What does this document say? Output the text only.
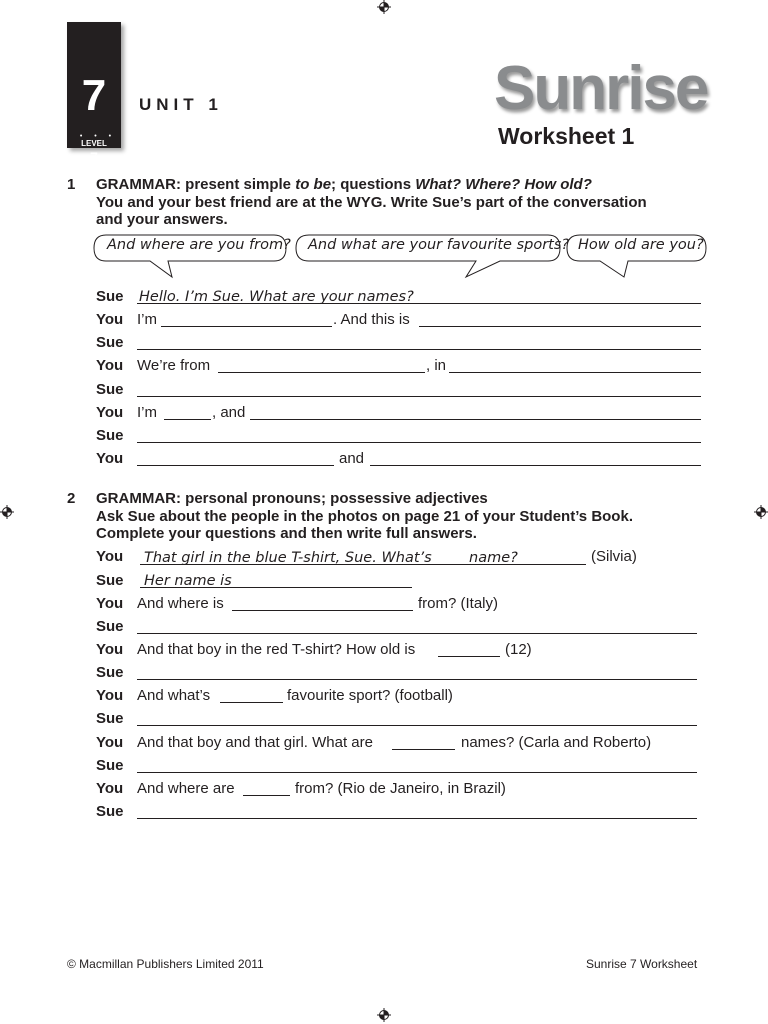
7
• • •
LEVEL
7
UNIT 1	Sunrise
Worksheet 1
1 GRAMMAR: present simple to be; questions What? Where? How old?
You and your best friend are at the WYG. Write Sue’s part of the conversation
and your answers.
And where are you from? And what are your favourite sports? How old are you?
Sue Hello. I’m Sue. What are your names?
You I’m	. And this is
Sue
You We’re from	, in
Sue
You I’m	, and
Sue
You	and
2 GRAMMAR: personal pronouns; possessive adjectives
Ask Sue about the people in the photos on page 21 of your Student’s Book.
Complete your questions and then write full answers.
You That girl in the blue T-shirt, Sue. What’s	name?	(Silvia)
Sue Her name is
You And where is	from? (Italy)
Sue
You And that boy in the red T-shirt? How old is	(12)
Sue
You And what’s	favourite sport? (football)
Sue
You And that boy and that girl. What are	names? (Carla and Roberto)
Sue
You And where are	from? (Rio de Janeiro, in Brazil)
Sue
© Macmillan Publishers Limited 2011	Sunrise 7 Worksheet
